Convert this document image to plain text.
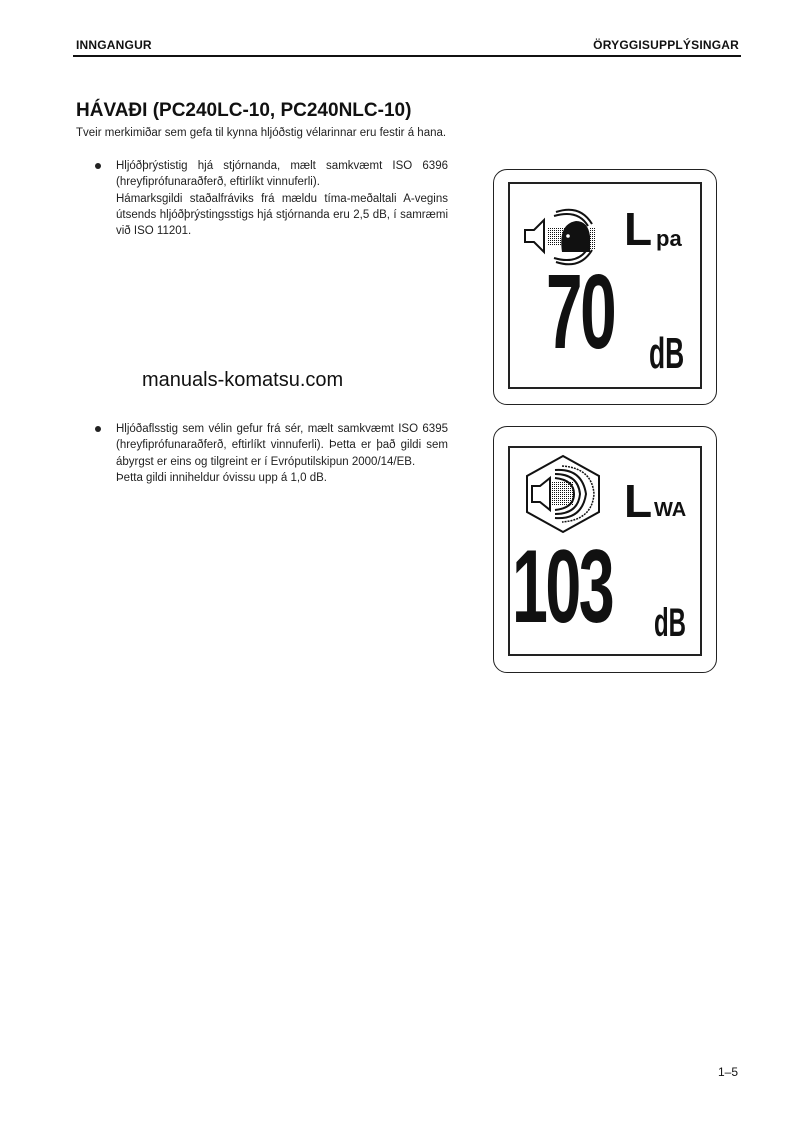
INNGANGUR	ÖRYGGISUPPLÝSINGAR
HÁVAÐI (PC240LC-10, PC240NLC-10)
Tveir merkimiðar sem gefa til kynna hljóðstig vélarinnar eru festir á hana.

Hljóðþrýstistig hjá stjórnanda, mælt samkvæmt ISO 6396 (hreyfiprófunaraðferð, eftirlíkt vinnuferli).

Hámarksgildi staðalfráviks frá mældu tíma-meðaltali A-vegins útsends hljóðþrýstingsstigs hjá stjórnanda eru 2,5 dB, í samræmi við ISO 11201.

manuals-komatsu.com

Hljóðaflsstig sem vélin gefur frá sér, mælt samkvæmt ISO 6395 (hreyfiprófunaraðferð, eftirlíkt vinnuferli). Þetta er það gildi sem ábyrgst er eins og tilgreint er í Evróputilskipun 2000/14/EB.

Þetta gildi inniheldur óvissu upp á 1,0 dB.

L pa
70 dB
L WA
103 dB
1–5
